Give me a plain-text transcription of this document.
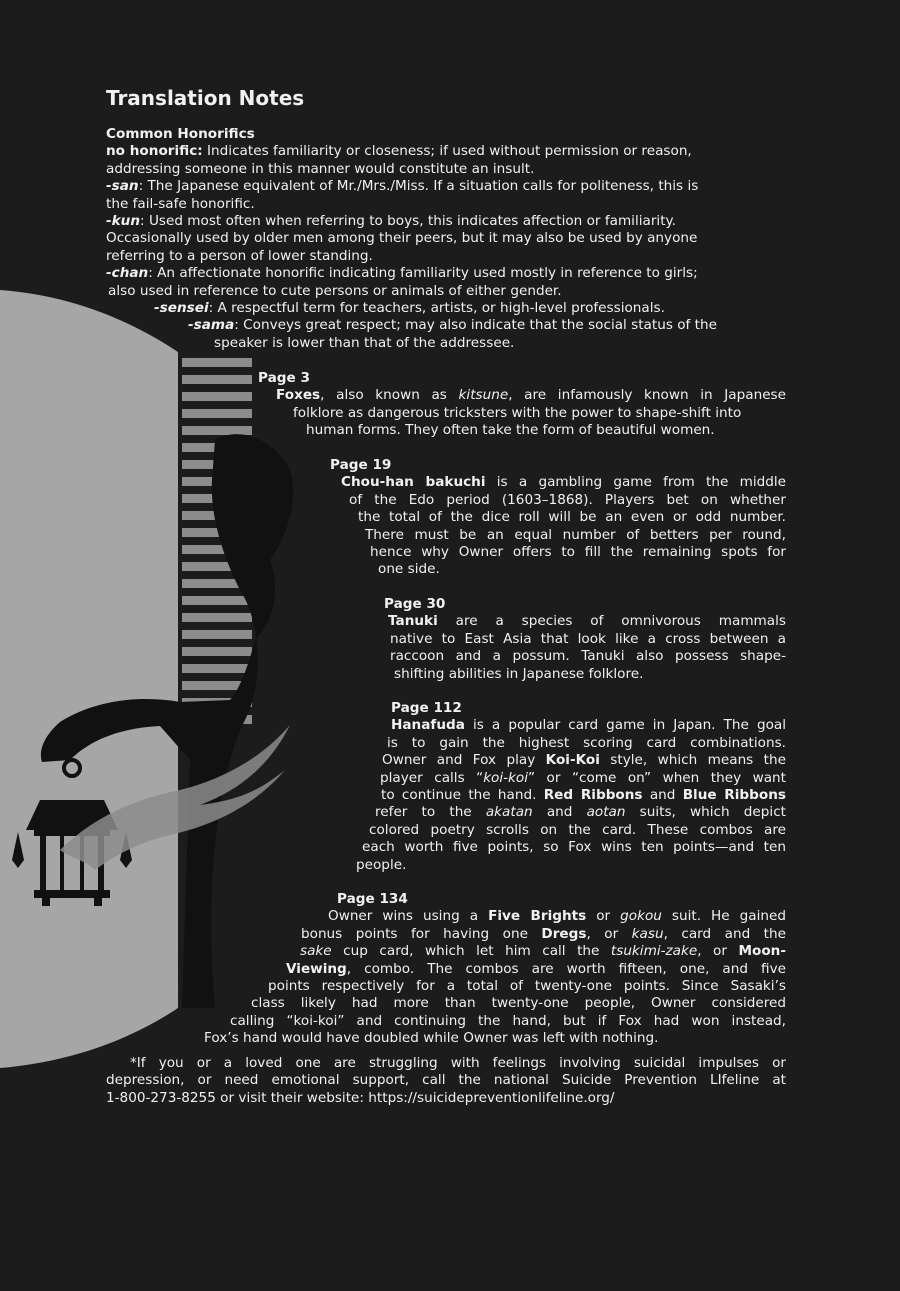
Translation Notes
Common Honorifics
no honorific: Indicates familiarity or closeness; if used without permission or reason,
addressing someone in this manner would constitute an insult.
-san: The Japanese equivalent of Mr./Mrs./Miss. If a situation calls for politeness, this is
the fail-safe honorific.
-kun: Used most often when referring to boys, this indicates affection or familiarity.
Occasionally used by older men among their peers, but it may also be used by anyone
referring to a person of lower standing.
-chan: An affectionate honorific indicating familiarity used mostly in reference to girls;
also used in reference to cute persons or animals of either gender.
-sensei: A respectful term for teachers, artists, or high-level professionals.
-sama: Conveys great respect; may also indicate that the social status of the
speaker is lower than that of the addressee.
Page 3
Foxes, also known as kitsune, are infamously known in Japanese
folklore as dangerous tricksters with the power to shape-shift into
human forms. They often take the form of beautiful women.
Page 19
Chou-han bakuchi is a gambling game from the middle
of the Edo period (1603–1868). Players bet on whether
the total of the dice roll will be an even or odd number.
There must be an equal number of betters per round,
hence why Owner offers to fill the remaining spots for
one side.
Page 30
Tanuki are a species of omnivorous mammals
native to East Asia that look like a cross between a
raccoon and a possum. Tanuki also possess shape-
shifting abilities in Japanese folklore.
Page 112
Hanafuda is a popular card game in Japan. The goal
is to gain the highest scoring card combinations.
Owner and Fox play Koi-Koi style, which means the
player calls “koi-koi” or “come on” when they want
to continue the hand. Red Ribbons and Blue Ribbons
refer to the akatan and aotan suits, which depict
colored poetry scrolls on the card. These combos are
each worth five points, so Fox wins ten points—and ten
people.
Page 134
Owner wins using a Five Brights or gokou suit. He gained
bonus points for having one Dregs, or kasu, card and the
sake cup card, which let him call the tsukimi-zake, or Moon-
Viewing, combo. The combos are worth fifteen, one, and five
points respectively for a total of twenty-one points. Since Sasaki’s
class likely had more than twenty-one people, Owner considered
calling “koi-koi” and continuing the hand, but if Fox had won instead,
Fox’s hand would have doubled while Owner was left with nothing.
*If you or a loved one are struggling with feelings involving suicidal impulses or
depression, or need emotional support, call the national Suicide Prevention LIfeline at
1-800-273-8255 or visit their website: https://suicidepreventionlifeline.org/
